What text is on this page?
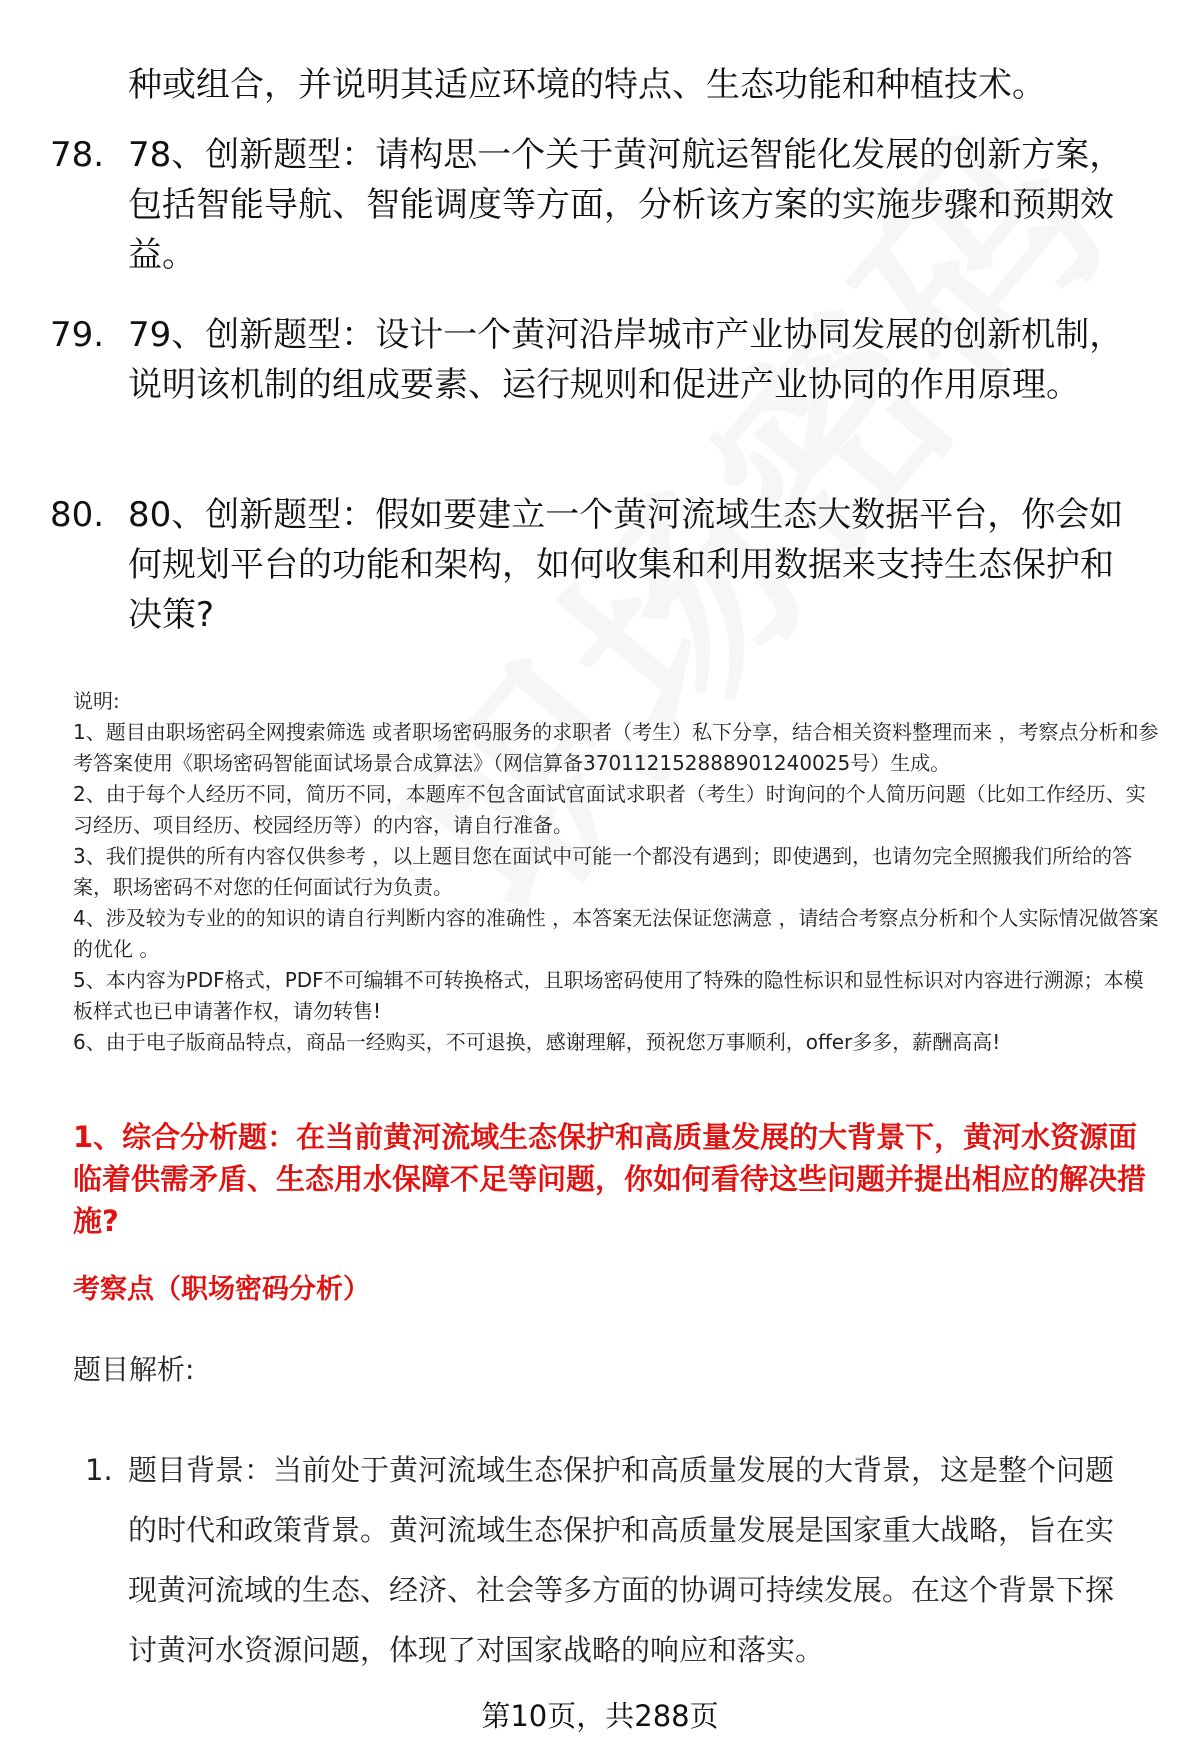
种或组合，并说明其适应环境的特点、生态功能和种植技术。

78. 78、创新题型：请构思一个关于黄河航运智能化发展的创新方案，包括智能导航、智能调度等方面，分析该方案的实施步骤和预期效益。
79. 79、创新题型：设计一个黄河沿岸城市产业协同发展的创新机制，说明该机制的组成要素、运行规则和促进产业协同的作用原理。
80. 80、创新题型：假如要建立一个黄河流域生态大数据平台，你会如何规划平台的功能和架构，如何收集和利用数据来支持生态保护和决策?

说明:

1、题目由职场密码全网搜索筛选 或者职场密码服务的求职者（考生）私下分享，结合相关资料整理而来 ，考察点分析和参考答案使用《职场密码智能面试场景合成算法》（网信算备370112152888901240025号）生成。

2、由于每个人经历不同，简历不同，本题库不包含面试官面试求职者（考生）时询问的个人简历问题（比如工作经历、实习经历、项目经历、校园经历等）的内容，请自行准备。

3、我们提供的所有内容仅供参考 ，以上题目您在面试中可能一个都没有遇到；即使遇到，也请勿完全照搬我们所给的答案，职场密码不对您的任何面试行为负责。

4、涉及较为专业的的知识的请自行判断内容的准确性 ，本答案无法保证您满意 ，请结合考察点分析和个人实际情况做答案的优化 。

5、本内容为PDF格式，PDF不可编辑不可转换格式，且职场密码使用了特殊的隐性标识和显性标识对内容进行溯源；本模板样式也已申请著作权，请勿转售!

6、由于电子版商品特点，商品一经购买，不可退换，感谢理解，预祝您万事顺利，offer多多，薪酬高高!

1、综合分析题：在当前黄河流域生态保护和高质量发展的大背景下，黄河水资源面临着供需矛盾、生态用水保障不足等问题，你如何看待这些问题并提出相应的解决措施?
考察点（职场密码分析）
题目解析:
1. 题目背景：当前处于黄河流域生态保护和高质量发展的大背景，这是整个问题的时代和政策背景。黄河流域生态保护和高质量发展是国家重大战略，旨在实现黄河流域的生态、经济、社会等多方面的协调可持续发展。在这个背景下探讨黄河水资源问题，体现了对国家战略的响应和落实。
第10页，共288页
